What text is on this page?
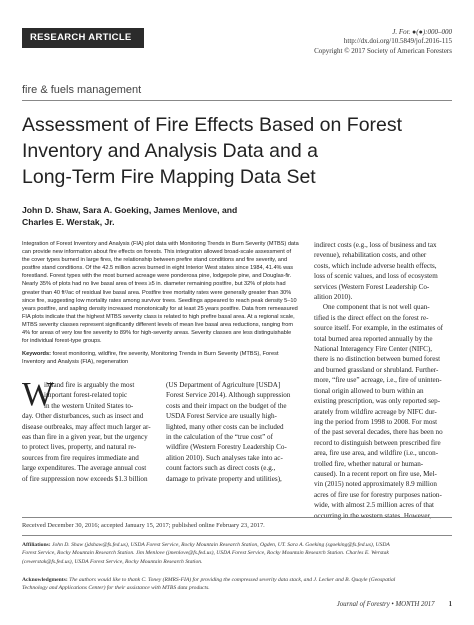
RESEARCH ARTICLE	J. For. ●(●):000–000
http://dx.doi.org/10.5849/jof.2016-115
Copyright © 2017 Society of American Foresters
fire & fuels management
Assessment of Fire Effects Based on Forest
Inventory and Analysis Data and a
Long-Term Fire Mapping Data Set
John D. Shaw, Sara A. Goeking, James Menlove, and
Charles E. Werstak, Jr.
Integration of Forest Inventory and Analysis (FIA) plot data with Monitoring Trends in Burn Severity (MTBS) data
can provide new information about fire effects on forests. This integration allowed broad-scale assessment of
the cover types burned in large fires, the relationship between prefire stand conditions and fire severity, and
postfire stand conditions. Of the 42.5 million acres burned in eight Interior West states since 1984, 41.4% was
forestland. Forest types with the most burned acreage were ponderosa pine, lodgepole pine, and Douglas-fir.
Nearly 35% of plots had no live basal area of trees ≥5 in. diameter remaining postfire, but 32% of plots had
greater than 40 ft²/ac of residual live basal area. Postfire tree mortality rates were generally greater than 30%
since fire, suggesting low mortality rates among survivor trees. Seedlings appeared to reach peak density 5–10
years postfire, and sapling density increased monotonically for at least 25 years postfire. Data from remeasured
FIA plots indicate that the highest MTBS severity class is related to high prefire basal area. At a regional scale,
MTBS severity classes represent significantly different levels of mean live basal area reductions, ranging from
4% for areas of very low fire severity to 89% for high-severity areas. Severity classes are less distinguishable
for individual forest-type groups.
Keywords: forest monitoring, wildfire, fire severity, Monitoring Trends in Burn Severity (MTBS), Forest
Inventory and Analysis (FIA), regeneration
W
ildland fire is arguably the most
important forest-related topic
in the western United States to-
day. Other disturbances, such as insect and
disease outbreaks, may affect much larger ar-
eas than fire in a given year, but the urgency
to protect lives, property, and natural re-
sources from fire requires immediate and
large expenditures. The average annual cost
of fire suppression now exceeds $1.3 billion
(US Department of Agriculture [USDA]
Forest Service 2014). Although suppression
costs and their impact on the budget of the
USDA Forest Service are usually high-
lighted, many other costs can be included
in the calculation of the “true cost” of
wildfire (Western Forestry Leadership Co-
alition 2010). Such analyses take into ac-
count factors such as direct costs (e.g.,
damage to private property and utilities),
indirect costs (e.g., loss of business and tax
revenue), rehabilitation costs, and other
costs, which include adverse health effects,
loss of scenic values, and loss of ecosystem
services (Western Forest Leadership Co-
alition 2010).
One component that is not well quan-
tified is the direct effect on the forest re-
source itself. For example, in the estimates of
total burned area reported annually by the
National Interagency Fire Center (NIFC),
there is no distinction between burned forest
and burned grassland or shrubland. Further-
more, “fire use” acreage, i.e., fire of uninten-
tional origin allowed to burn within an
existing prescription, was only reported sep-
arately from wildfire acreage by NIFC dur-
ing the period from 1998 to 2008. For most
of the past several decades, there has been no
record to distinguish between prescribed fire
area, fire use area, and wildfire (i.e., uncon-
trolled fire, whether natural or human-
caused). In a recent report on fire use, Mel-
vin (2015) noted approximately 8.9 million
acres of fire use for forestry purposes nation-
wide, with almost 2.5 million acres of that
occurring in the western states. However,
Received December 30, 2016; accepted January 15, 2017; published online February 23, 2017.
Affiliations: John D. Shaw (jdshaw@fs.fed.us), USDA Forest Service, Rocky Mountain Research Station, Ogden, UT. Sara A. Goeking (sgoeking@fs.fed.us), USDA
Forest Service, Rocky Mountain Research Station. Jim Menlove (jmenlove@fs.fed.us), USDA Forest Service, Rocky Mountain Research Station. Charles E. Werstak
(cewerstak@fs.fed.us), USDA Forest Service, Rocky Mountain Research Station.
Acknowledgments: The authors would like to thank C. Toney (RMRS-FIA) for providing the compressed severity data stack, and J. Lecker and B. Quayle (Geospatial
Technology and Applications Center) for their assistance with MTBS data products.
Journal of Forestry • MONTH 2017 1
